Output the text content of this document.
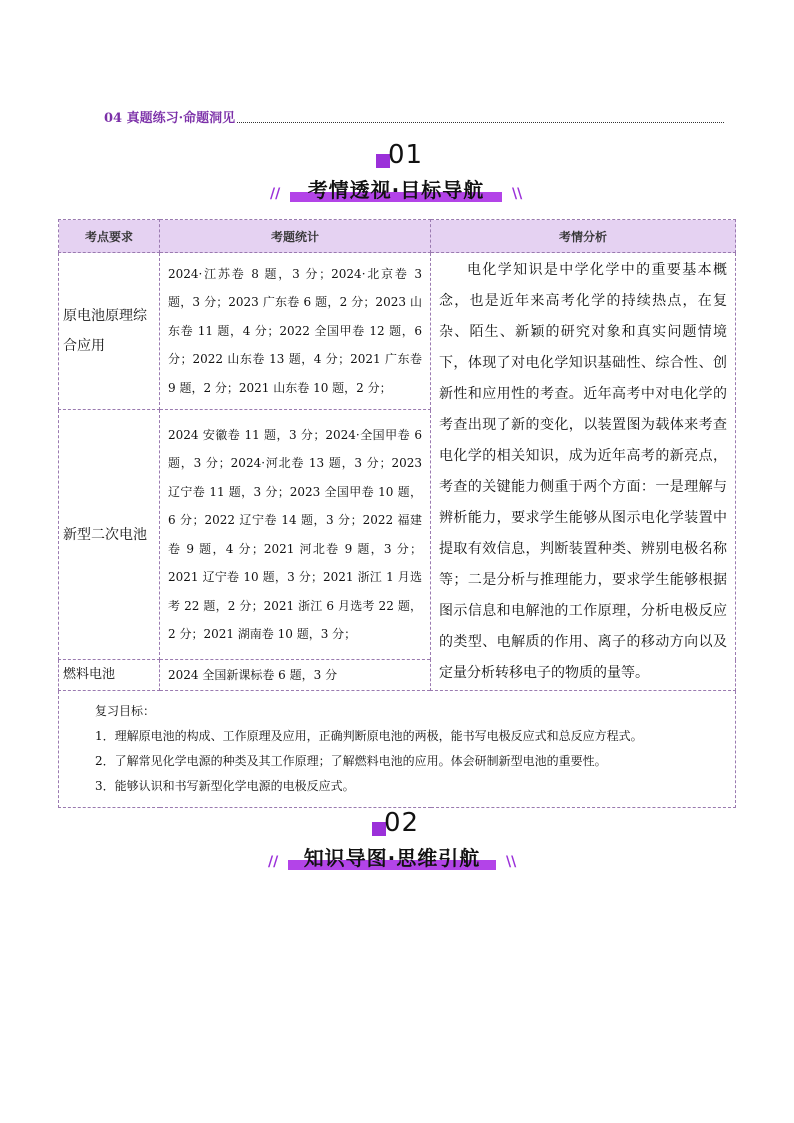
04 真题练习·命题洞见
01
//	考情透视·目标导航	\\
考点要求	考题统计	考情分析
原电池原理综合应用	2024·江苏卷 8 题，3 分；2024·北京卷 3 题，3 分；2023 广东卷 6 题，2 分；2023 山东卷 11 题，4 分；2022 全国甲卷 12 题，6 分；2022 山东卷 13 题，4 分；2021 广东卷 9 题，2 分；2021 山东卷 10 题，2 分；	电化学知识是中学化学中的重要基本概念，也是近年来高考化学的持续热点，在复杂、陌生、新颖的研究对象和真实问题情境下，体现了对电化学知识基础性、综合性、创新性和应用性的考查。近年高考中对电化学的考查出现了新的变化，以装置图为载体来考查电化学的相关知识，成为近年高考的新亮点，考查的关键能力侧重于两个方面：一是理解与辨析能力，要求学生能够从图示电化学装置中提取有效信息，判断装置种类、辨别电极名称等；二是分析与推理能力，要求学生能够根据图示信息和电解池的工作原理，分析电极反应的类型、电解质的作用、离子的移动方向以及定量分析转移电子的物质的量等。
新型二次电池	2024 安徽卷 11 题，3 分；2024·全国甲卷 6 题，3 分；2024·河北卷 13 题，3 分；2023 辽宁卷 11 题，3 分；2023 全国甲卷 10 题，6 分；2022 辽宁卷 14 题，3 分；2022 福建卷 9 题，4 分；2021 河北卷 9 题，3 分；2021 辽宁卷 10 题，3 分；2021 浙江 1 月选考 22 题，2 分；2021 浙江 6 月选考 22 题，2 分；2021 湖南卷 10 题，3 分；	
燃料电池	2024 全国新课标卷 6 题，3 分	

复习目标：
1．理解原电池的构成、工作原理及应用，正确判断原电池的两极，能书写电极反应式和总反应方程式。
2．了解常见化学电源的种类及其工作原理；了解燃料电池的应用。体会研制新型电池的重要性。
3．能够认识和书写新型化学电源的电极反应式。		
02
//	知识导图·思维引航	\\
